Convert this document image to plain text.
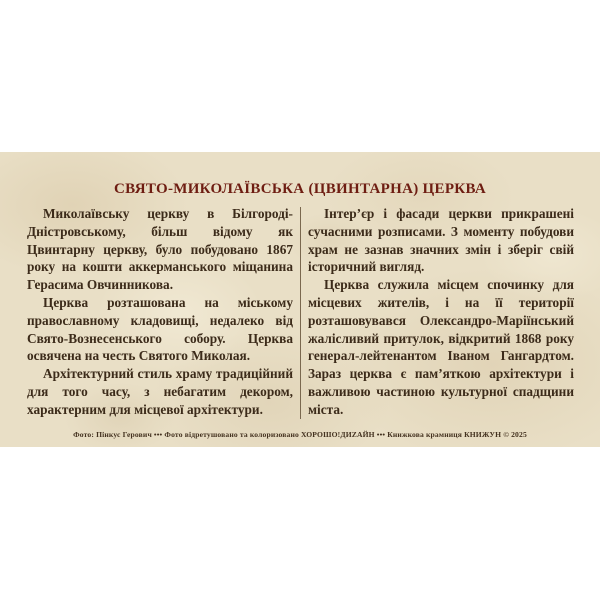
СВЯТО-МИКОЛАЇВСЬКА (ЦВИНТАРНА) ЦЕРКВА

Миколаївську церкву в Білгороді-Дністровському, більш відому як Цвинтарну церкву, було побудовано 1867 року на кошти аккерманського міщанина Герасима Овчинникова.

Церква розташована на міському православному кладовищі, недалеко від Свято-Вознесенського собору. Церква освячена на честь Святого Миколая.

Архітектурний стиль храму традиційний для того часу, з небагатим декором, характерним для місцевої архітектури.

Інтер’єр і фасади церкви прикрашені сучасними розписами. З моменту побудови храм не зазнав значних змін і зберіг свій історичний вигляд.

Церква служила місцем спочинку для місцевих жителів, і на її території розташовувався Олександро-Маріїнський жалісливий притулок, відкритий 1868 року генерал-лейтенантом Іваном Гангардтом. Зараз церква є пам’яткою архітектури і важливою частиною культурної спадщини міста.

Фото: Пінкус Герович ••• Фото відретушовано та колоризовано ХОРОШО!ДИZАЙН ••• Книжкова крамниця КНИЖУН © 2025
